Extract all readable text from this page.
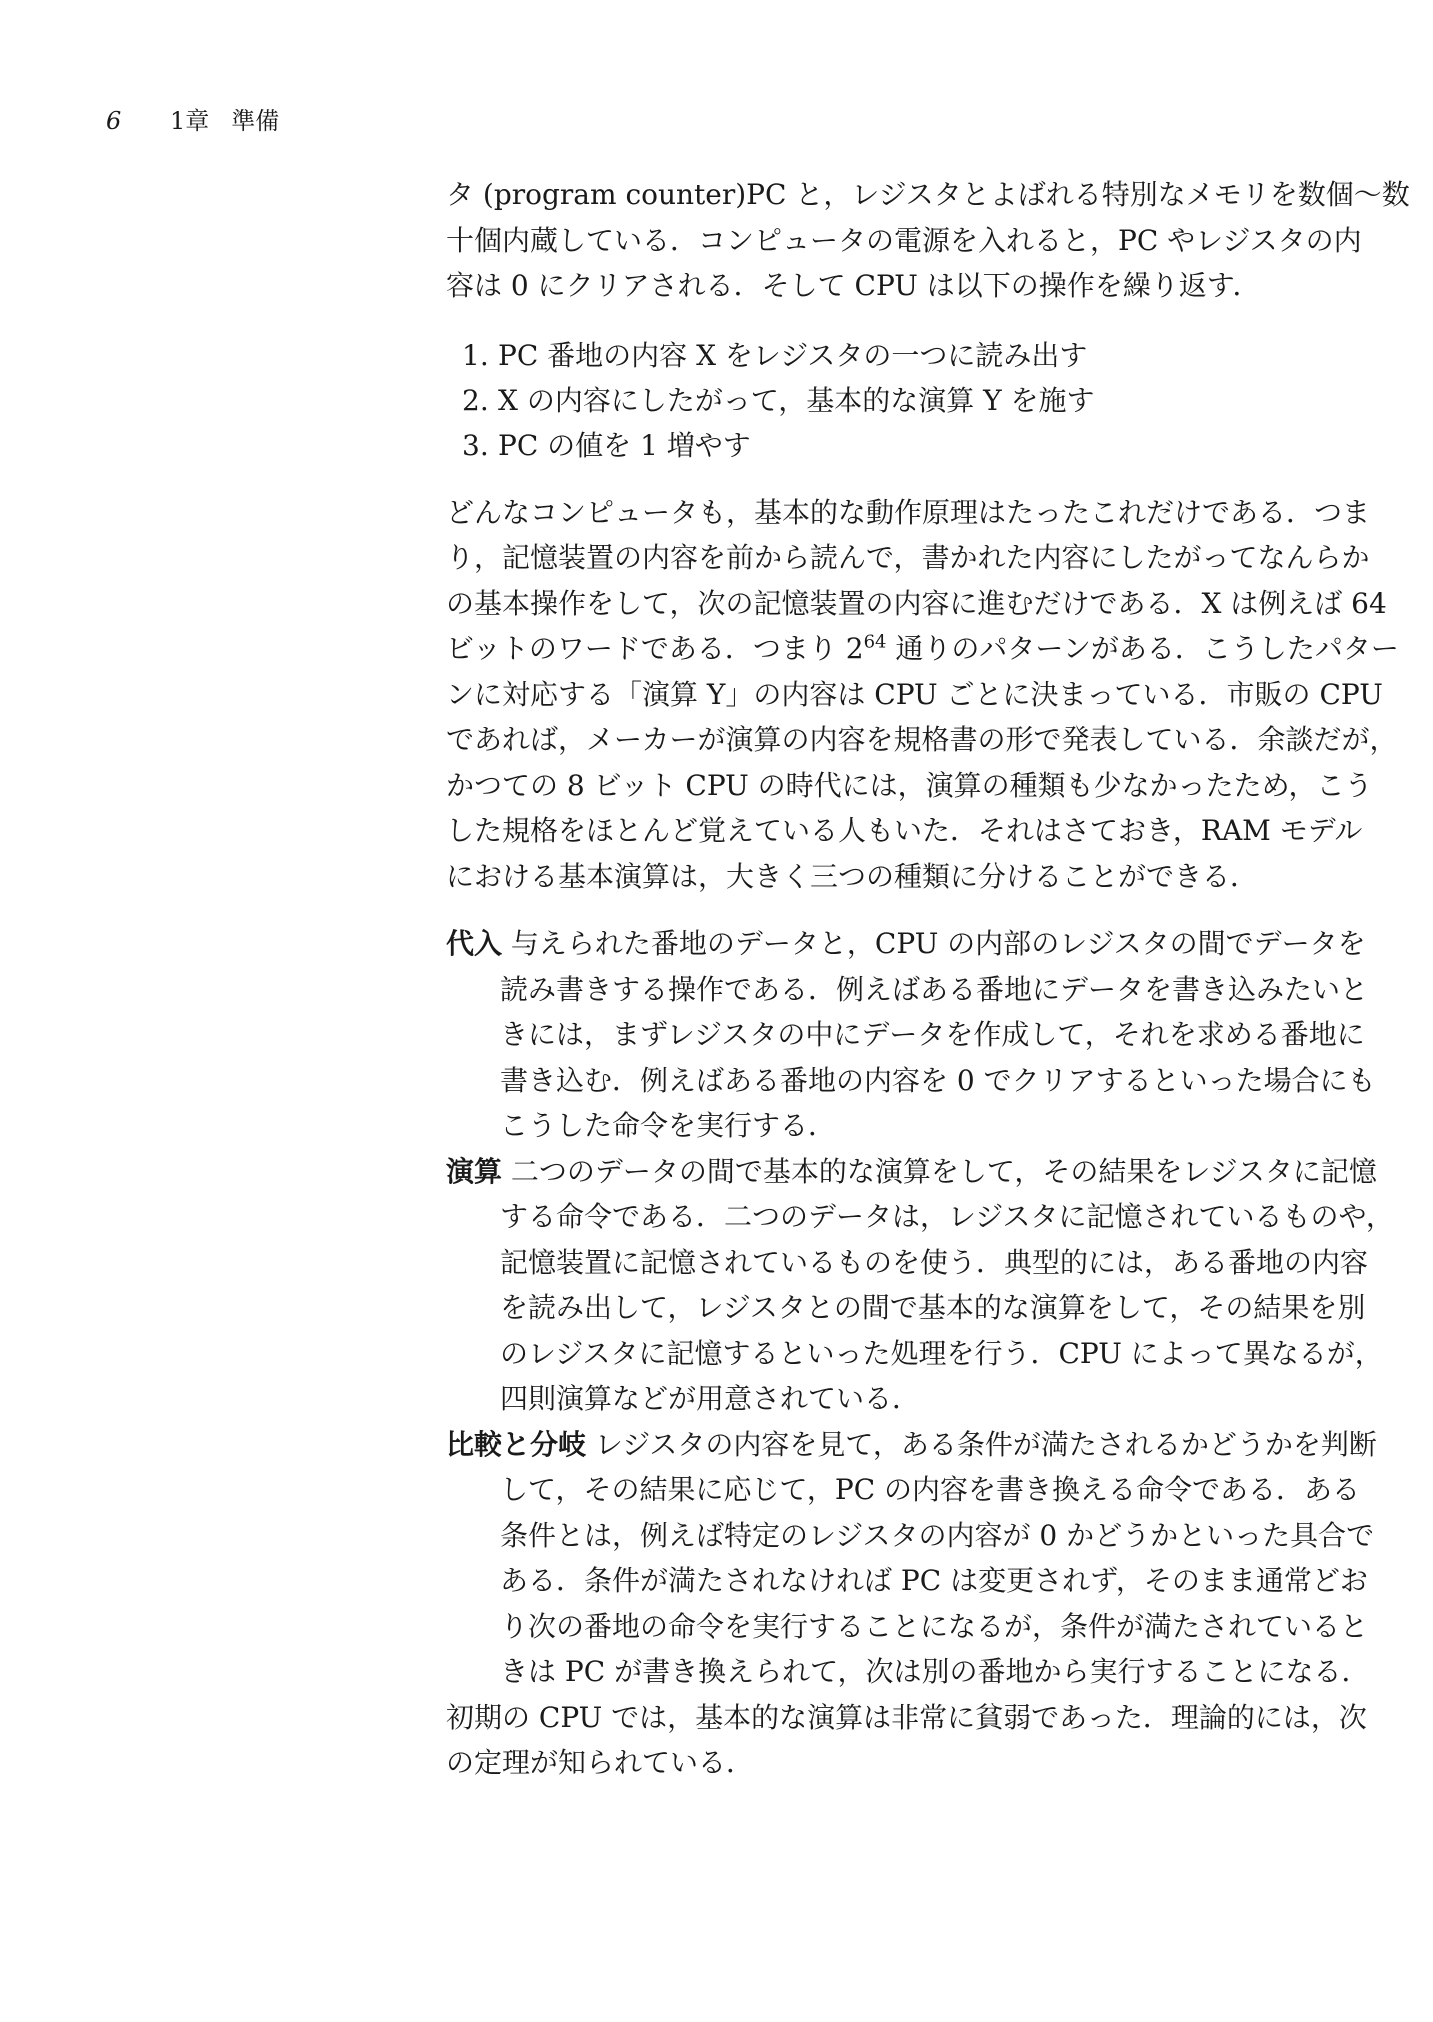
6 1章 準備

タ (program counter)PC と，レジスタとよばれる特別なメモリを数個〜数
十個内蔵している．コンピュータの電源を入れると，PC やレジスタの内
容は 0 にクリアされる．そして CPU は以下の操作を繰り返す．

1. PC 番地の内容 X をレジスタの一つに読み出す
2. X の内容にしたがって，基本的な演算 Y を施す
3. PC の値を 1 増やす

どんなコンピュータも，基本的な動作原理はたったこれだけである．つま
り，記憶装置の内容を前から読んで，書かれた内容にしたがってなんらか
の基本操作をして，次の記憶装置の内容に進むだけである．X は例えば 64
ビットのワードである．つまり $2^{64}$ 通りのパターンがある．こうしたパター
ンに対応する「演算 Y」の内容は CPU ごとに決まっている．市販の CPU
であれば，メーカーが演算の内容を規格書の形で発表している．余談だが，
かつての 8 ビット CPU の時代には，演算の種類も少なかったため，こう
した規格をほとんど覚えている人もいた．それはさておき，RAM モデル
における基本演算は，大きく三つの種類に分けることができる．

代入 与えられた番地のデータと，CPU の内部のレジスタの間でデータを
読み書きする操作である．例えばある番地にデータを書き込みたいと
きには，まずレジスタの中にデータを作成して，それを求める番地に
書き込む．例えばある番地の内容を 0 でクリアするといった場合にも
こうした命令を実行する．
演算 二つのデータの間で基本的な演算をして，その結果をレジスタに記憶
する命令である．二つのデータは，レジスタに記憶されているものや，
記憶装置に記憶されているものを使う．典型的には，ある番地の内容
を読み出して，レジスタとの間で基本的な演算をして，その結果を別
のレジスタに記憶するといった処理を行う．CPU によって異なるが，
四則演算などが用意されている．
比較と分岐 レジスタの内容を見て，ある条件が満たされるかどうかを判断
して，その結果に応じて，PC の内容を書き換える命令である．ある
条件とは，例えば特定のレジスタの内容が 0 かどうかといった具合で
ある．条件が満たされなければ PC は変更されず，そのまま通常どお
り次の番地の命令を実行することになるが，条件が満たされていると
きは PC が書き換えられて，次は別の番地から実行することになる．

初期の CPU では，基本的な演算は非常に貧弱であった．理論的には，次
の定理が知られている．
